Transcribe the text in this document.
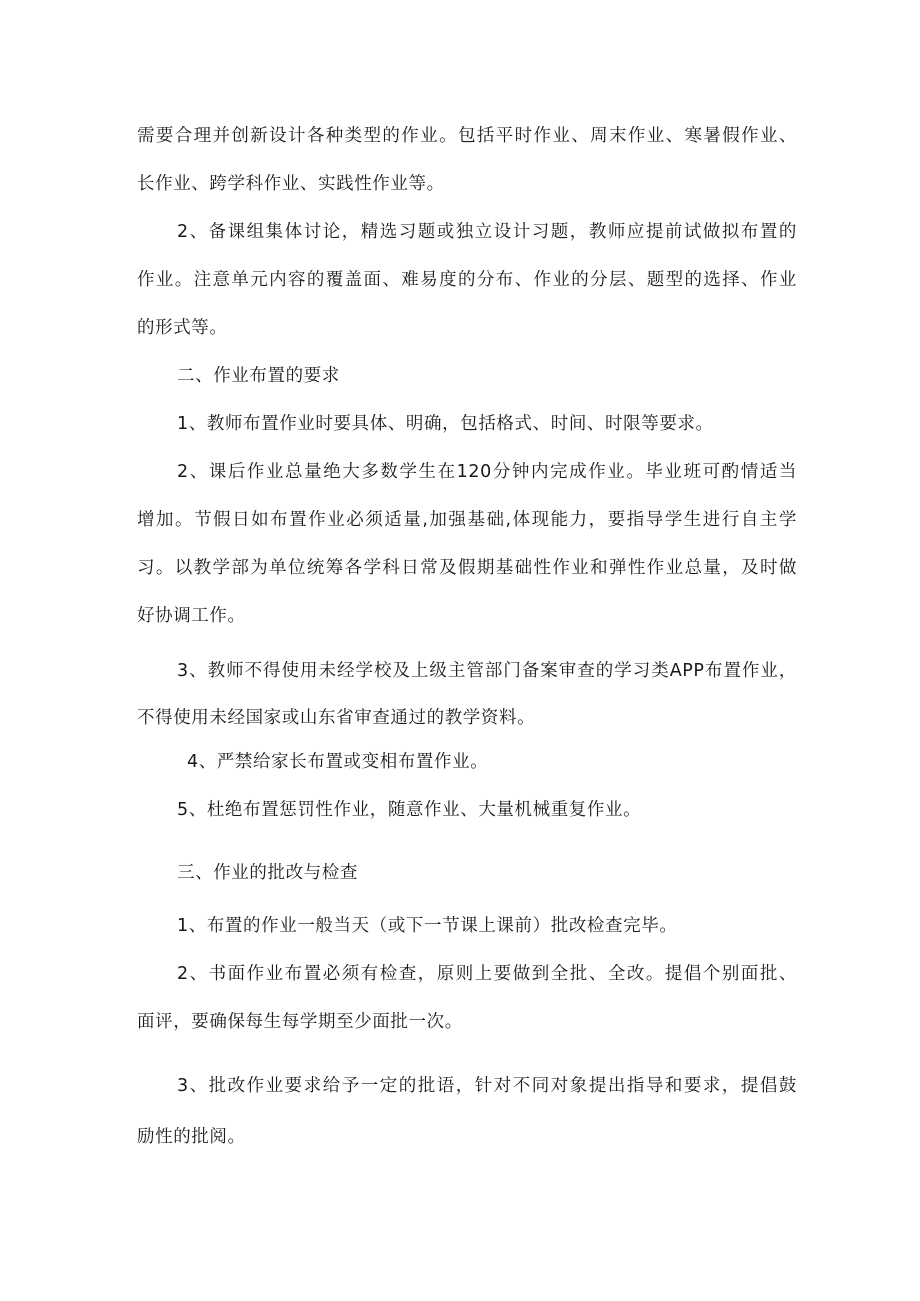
需要合理并创新设计各种类型的作业。包括平时作业、周末作业、寒暑假作业、
长作业、跨学科作业、实践性作业等。
2、备课组集体讨论，精选习题或独立设计习题，教师应提前试做拟布置的
作业。注意单元内容的覆盖面、难易度的分布、作业的分层、题型的选择、作业
的形式等。
二、作业布置的要求
1、教师布置作业时要具体、明确，包括格式、时间、时限等要求。
2、课后作业总量绝大多数学生在120分钟内完成作业。毕业班可酌情适当
增加。节假日如布置作业必须适量,加强基础,体现能力，要指导学生进行自主学
习。以教学部为单位统筹各学科日常及假期基础性作业和弹性作业总量，及时做
好协调工作。
3、教师不得使用未经学校及上级主管部门备案审查的学习类APP布置作业，
不得使用未经国家或山东省审查通过的教学资料。
4、严禁给家长布置或变相布置作业。
5、杜绝布置惩罚性作业，随意作业、大量机械重复作业。
三、作业的批改与检查
1、布置的作业一般当天（或下一节课上课前）批改检查完毕。
2、书面作业布置必须有检查，原则上要做到全批、全改。提倡个别面批、
面评，要确保每生每学期至少面批一次。
3、批改作业要求给予一定的批语，针对不同对象提出指导和要求，提倡鼓
励性的批阅。
